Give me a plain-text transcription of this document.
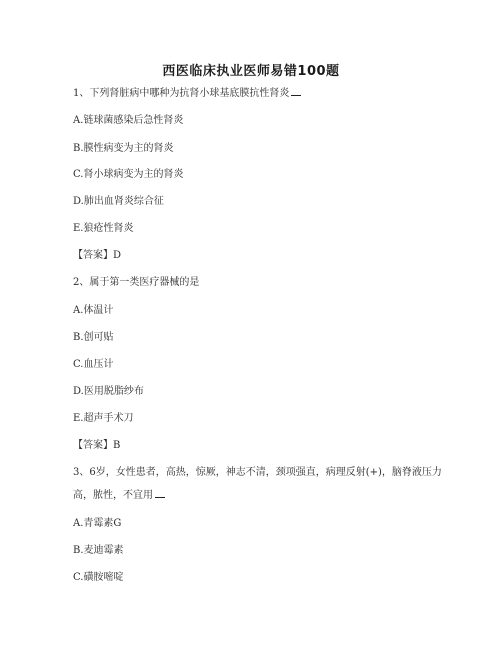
西医临床执业医师易错100题
1、下列肾脏病中哪种为抗肾小球基底膜抗性肾炎
A.链球菌感染后急性肾炎
B.膜性病变为主的肾炎
C.肾小球病变为主的肾炎
D.肺出血肾炎综合征
E.狼疮性肾炎
【答案】D
2、属于第一类医疗器械的是
A.体温计
B.创可贴
C.血压计
D.医用脱脂纱布
E.超声手术刀
【答案】B
3、6岁，女性患者，高热，惊厥，神志不清，颈项强直，病理反射(+)，脑脊液压力高，脓性，不宜用
A.青霉素G
B.麦迪霉素
C.磺胺嘧啶
